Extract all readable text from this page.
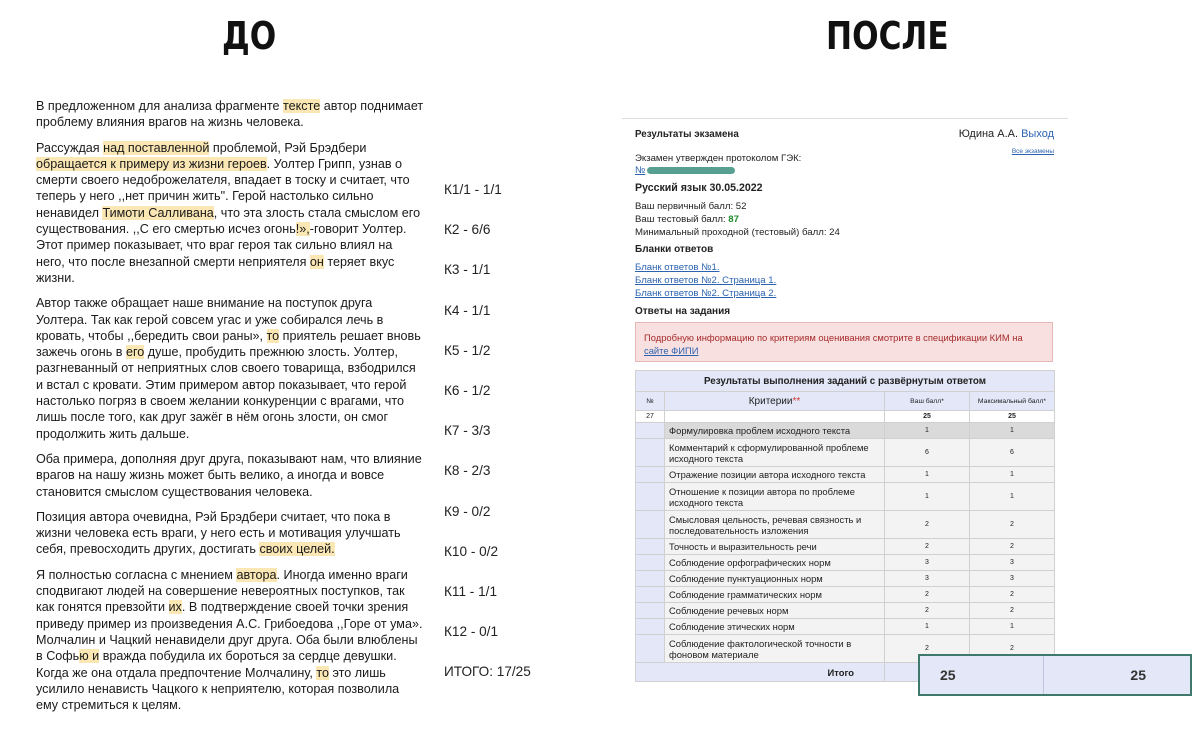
ДО	ПОСЛЕ

В предложенном для анализа фрагменте тексте автор поднимает проблему влияния врагов на жизнь человека.

Рассуждая над поставленной проблемой, Рэй Брэдбери обращается к примеру из жизни героев. Уолтер Грипп, узнав о смерти своего недоброжелателя, впадает в тоску и считает, что теперь у него ,,нет причин жить". Герой настолько сильно ненавидел Тимоти Салливана, что эта злость стала смыслом его существования. ,,С его смертью исчез огонь!»,-говорит Уолтер. Этот пример показывает, что враг героя так сильно влиял на него, что после внезапной смерти неприятеля он теряет вкус жизни.

Автор также обращает наше внимание на поступок друга Уолтера. Так как герой совсем угас и уже собирался лечь в кровать, чтобы ,,бередить свои раны», то приятель решает вновь зажечь огонь в его душе, пробудить прежнюю злость. Уолтер, разгневанный от неприятных слов своего товарища, взбодрился и встал с кровати. Этим примером автор показывает, что герой настолько погряз в своем желании конкуренции с врагами, что лишь после того, как друг зажёг в нём огонь злости, он смог продолжить жить дальше.

Оба примера, дополняя друг друга, показывают нам, что влияние врагов на нашу жизнь может быть велико, а иногда и вовсе становится смыслом существования человека.

Позиция автора очевидна, Рэй Брэдбери считает, что пока в жизни человека есть враги, у него есть и мотивация улучшать себя, превосходить других, достигать своих целей.

Я полностью согласна с мнением автора. Иногда именно враги сподвигают людей на совершение невероятных поступков, так как гонятся превзойти их. В подтверждение своей точки зрения приведу пример из произведения А.С. Грибоедова ,,Горе от ума». Молчалин и Чацкий ненавидели друг друга. Оба были влюблены в Софью и вражда побудила их бороться за сердце девушки. Когда же она отдала предпочтение Молчалину, то это лишь усилило ненависть Чацкого к неприятелю, которая позволила ему стремиться к целям.

К1/1 - 1/1
К2 - 6/6
К3 - 1/1
К4 - 1/1
К5 - 1/2
К6 - 1/2
К7 - 3/3
К8 - 2/3
К9 - 0/2
К10 - 0/2
К11 - 1/1
К12 - 0/1
ИТОГО: 17/25
Результаты экзамена	Юдина А.А. Выход
Все экзамены
Экзамен утвержден протоколом ГЭК:
№
Русский язык 30.05.2022
Ваш первичный балл: 52
Ваш тестовый балл: 87
Минимальный проходной (тестовый) балл: 24
Бланки ответов
Бланк ответов №1.
Бланк ответов №2. Страница 1.
Бланк ответов №2. Страница 2.
Ответы на задания
Подробную информацию по критериям оценивания смотрите в спецификации КИМ на сайте ФИПИ
Результаты выполнения заданий с развёрнутым ответом			
№	Критерии**	Ваш балл*	Максимальный балл*
27		25	25
	Формулировка проблем исходного текста	1	1
	Комментарий к сформулированной проблеме исходного текста	6	6
	Отражение позиции автора исходного текста	1	1
	Отношение к позиции автора по проблеме исходного текста	1	1
	Смысловая цельность, речевая связность и последовательность изложения	2	2
	Точность и выразительность речи	2	2
	Соблюдение орфографических норм	3	3
	Соблюдение пунктуационных норм	3	3
	Соблюдение грамматических норм	2	2
	Соблюдение речевых норм	2	2
	Соблюдение этических норм	1	1
	Соблюдение фактологической точности в фоновом материале	2	2
Итого				25	25
